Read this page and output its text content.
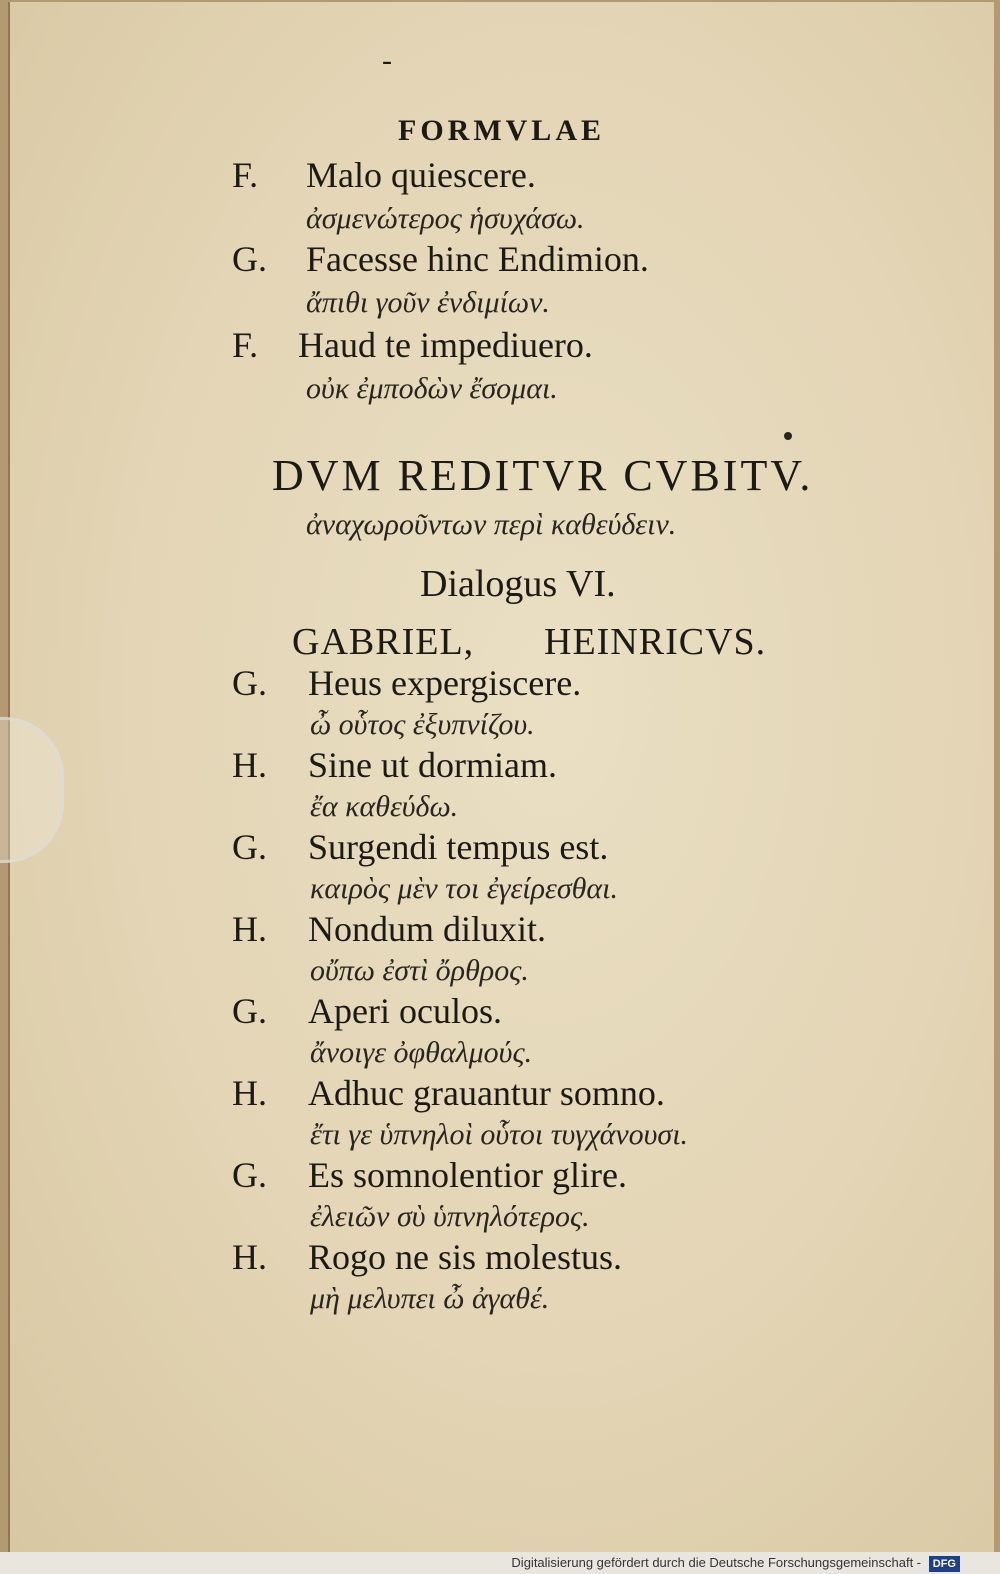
-
FORMVLAE
F. Malo quiescere.
ἀσμενώτερος ἡσυχάσω.
G. Facesse hinc Endimion.
ἄπιθι γοῦν ἐνδιμίων.
F. Haud te impediuero.
οὐκ ἐμποδὼν ἔσομαι.
DVM REDITVR CVBITV.
ἀναχωροῦντων περὶ καθεύδειν.
Dialogus VI.
GABRIEL, HEINRICVS.
G. Heus expergiscere.
ὦ οὗτος ἐξυπνίζου.
H. Sine ut dormiam.
ἔα καθεύδω.
G. Surgendi tempus est.
καιρὸς μὲν τοι ἐγείρεσθαι.
H. Nondum diluxit.
οὔπω ἐστὶ ὄρθρος.
G. Aperi oculos.
ἄνοιγε ὀφθαλμούς.
H. Adhuc grauantur somno.
ἔτι γε ὑπνηλοὶ οὗτοι τυγχάνουσι.
G. Es somnolentior glire.
ἐλειῶν σὺ ὑπνηλότερος.
H. Rogo ne sis molestus.
μὴ μελυπει ὦ ἀγαθέ.
Digitalisierung gefördert durch die Deutsche Forschungsgemeinschaft - DFG
